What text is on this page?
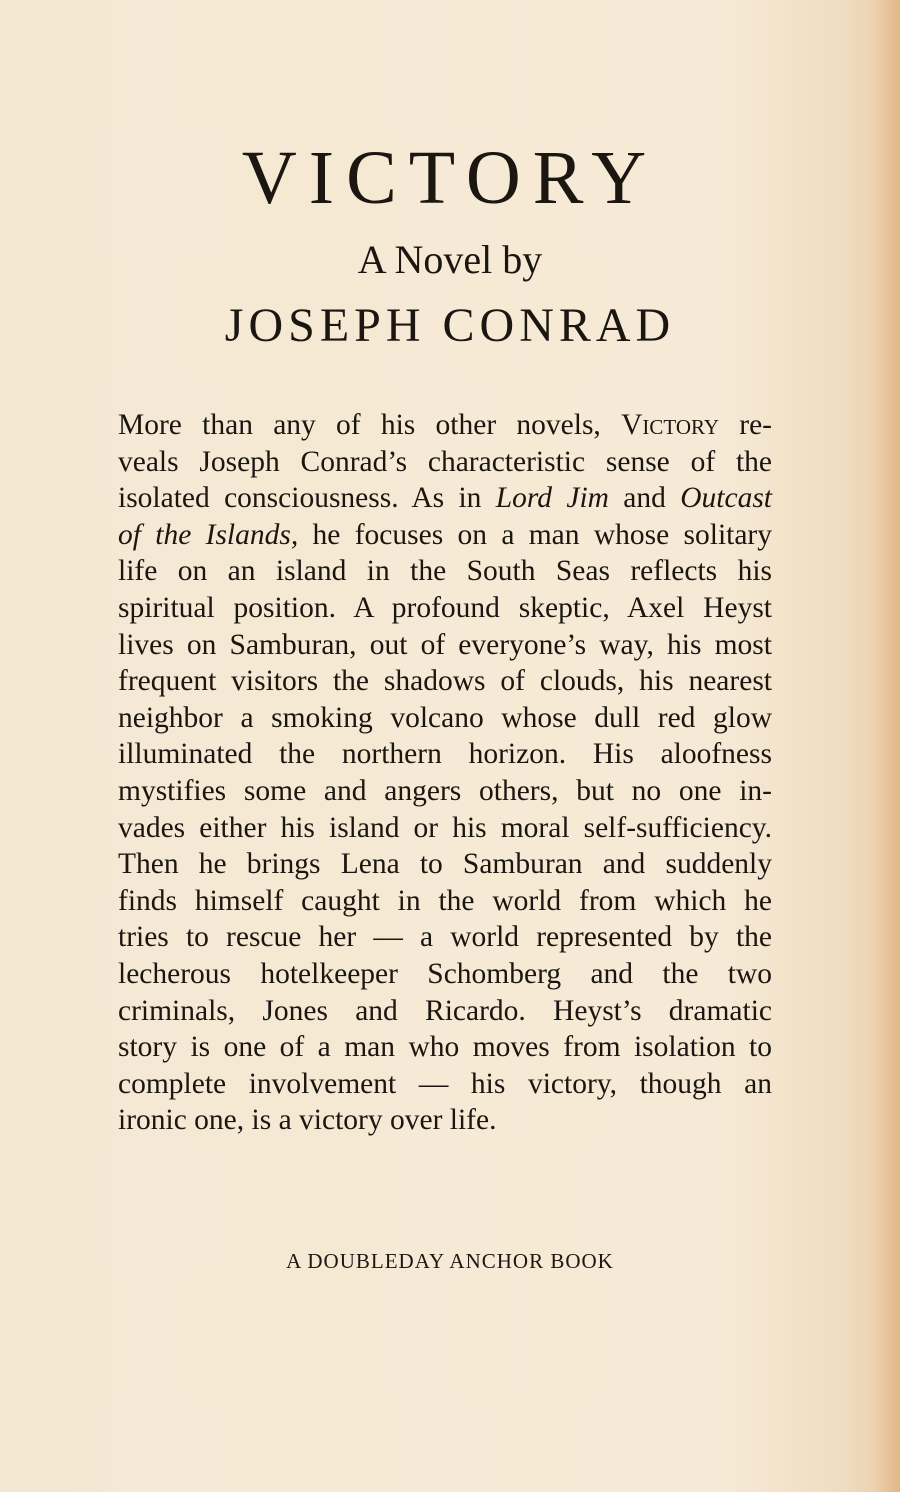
VICTORY
A Novel by
JOSEPH CONRAD
More than any of his other novels, Victory re-
veals Joseph Conrad’s characteristic sense of the
isolated consciousness. As in Lord Jim and Outcast
of the Islands, he focuses on a man whose solitary
life on an island in the South Seas reflects his
spiritual position. A profound skeptic, Axel Heyst
lives on Samburan, out of everyone’s way, his most
frequent visitors the shadows of clouds, his nearest
neighbor a smoking volcano whose dull red glow
illuminated the northern horizon. His aloofness
mystifies some and angers others, but no one in-
vades either his island or his moral self-sufficiency.
Then he brings Lena to Samburan and suddenly
finds himself caught in the world from which he
tries to rescue her — a world represented by the
lecherous hotelkeeper Schomberg and the two
criminals, Jones and Ricardo. Heyst’s dramatic
story is one of a man who moves from isolation to
complete involvement — his victory, though an
ironic one, is a victory over life.
A DOUBLEDAY ANCHOR BOOK
